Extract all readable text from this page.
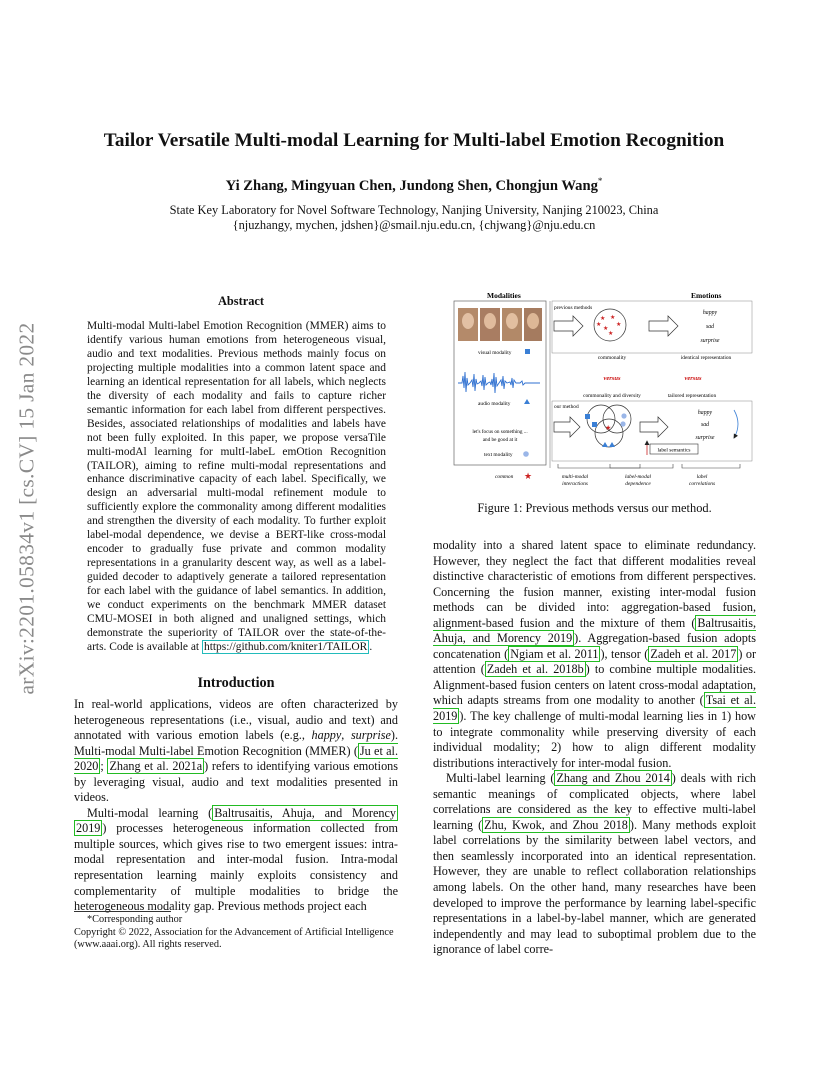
arXiv:2201.05834v1 [cs.CV] 15 Jan 2022
Tailor Versatile Multi-modal Learning for Multi-label Emotion Recognition
Yi Zhang, Mingyuan Chen, Jundong Shen, Chongjun Wang*
State Key Laboratory for Novel Software Technology, Nanjing University, Nanjing 210023, China
{njuzhangy, mychen, jdshen}@smail.nju.edu.cn, {chjwang}@nju.edu.cn
Abstract
Multi-modal Multi-label Emotion Recognition (MMER) aims to identify various human emotions from heterogeneous visual, audio and text modalities. Previous methods mainly focus on projecting multiple modalities into a common latent space and learning an identical representation for all labels, which neglects the diversity of each modality and fails to capture richer semantic information for each label from different perspectives. Besides, associated relationships of modalities and labels have not been fully exploited. In this paper, we propose versaTile multi-modAl learning for multI-labeL emOtion Recognition (TAILOR), aiming to refine multi-modal representations and enhance discriminative capacity of each label. Specifically, we design an adversarial multi-modal refinement module to sufficiently explore the commonality among different modalities and strengthen the diversity of each modality. To further exploit label-modal dependence, we devise a BERT-like cross-modal encoder to gradually fuse private and common modality representations in a granularity descent way, as well as a label-guided decoder to adaptively generate a tailored representation for each label with the guidance of label semantics. In addition, we conduct experiments on the benchmark MMER dataset CMU-MOSEI in both aligned and unaligned settings, which demonstrate the superiority of TAILOR over the state-of-the-arts. Code is available at https://github.com/kniter1/TAILOR .
Introduction

In real-world applications, videos are often characterized by heterogeneous representations (i.e., visual, audio and text) and annotated with various emotion labels (e.g., happy, surprise). Multi-modal Multi-label Emotion Recognition (MMER) ( Ju et al. 2020 ; Zhang et al. 2021a ) refers to identifying various emotions by leveraging visual, audio and text modalities presented in videos.

Multi-modal learning ( Baltrusaitis, Ahuja, and Morency 2019 ) processes heterogeneous information collected from multiple sources, which gives rise to two emergent issues: intra-modal representation and inter-modal fusion. Intra-modal representation learning mainly exploits consistency and complementarity of multiple modalities to bridge the heterogeneous modality gap. Previous methods project each

*Corresponding author
Copyright © 2022, Association for the Advancement of Artificial Intelligence (www.aaai.org). All rights reserved.
Modalities	Emotions
visual modality
audio modality
let's focus on something ...
and be good at it
text modality
common ★
previous methods
★ ★
★
★
★
★
happy
sad
surprise
commonality	identical representation
versus	versus
commonality and diversity	tailored representation
our method
★
happy
sad
surprise
label semantics
multi-modal
interactions
label-modal
dependence
label
correlations
Figure 1: Previous methods versus our method.

modality into a shared latent space to eliminate redundancy. However, they neglect the fact that different modalities reveal distinctive characteristic of emotions from different perspectives. Concerning the fusion manner, existing inter-modal fusion methods can be divided into: aggregation-based fusion, alignment-based fusion and the mixture of them ( Baltrusaitis, Ahuja, and Morency 2019 ). Aggregation-based fusion adopts concatenation ( Ngiam et al. 2011 ), tensor ( Zadeh et al. 2017 ) or attention ( Zadeh et al. 2018b ) to combine multiple modalities. Alignment-based fusion centers on latent cross-modal adaptation, which adapts streams from one modality to another ( Tsai et al. 2019 ). The key challenge of multi-modal learning lies in 1) how to integrate commonality while preserving diversity of each individual modality; 2) how to align different modality distributions interactively for inter-modal fusion.

Multi-label learning ( Zhang and Zhou 2014 ) deals with rich semantic meanings of complicated objects, where label correlations are considered as the key to effective multi-label learning ( Zhu, Kwok, and Zhou 2018 ). Many methods exploit label correlations by the similarity between label vectors, and then seamlessly incorporated into an identical representation. However, they are unable to reflect collaboration relationships among labels. On the other hand, many researches have been developed to improve the performance by learning label-specific representations in a label-by-label manner, which are generated independently and may lead to suboptimal problem due to the ignorance of label corre-
